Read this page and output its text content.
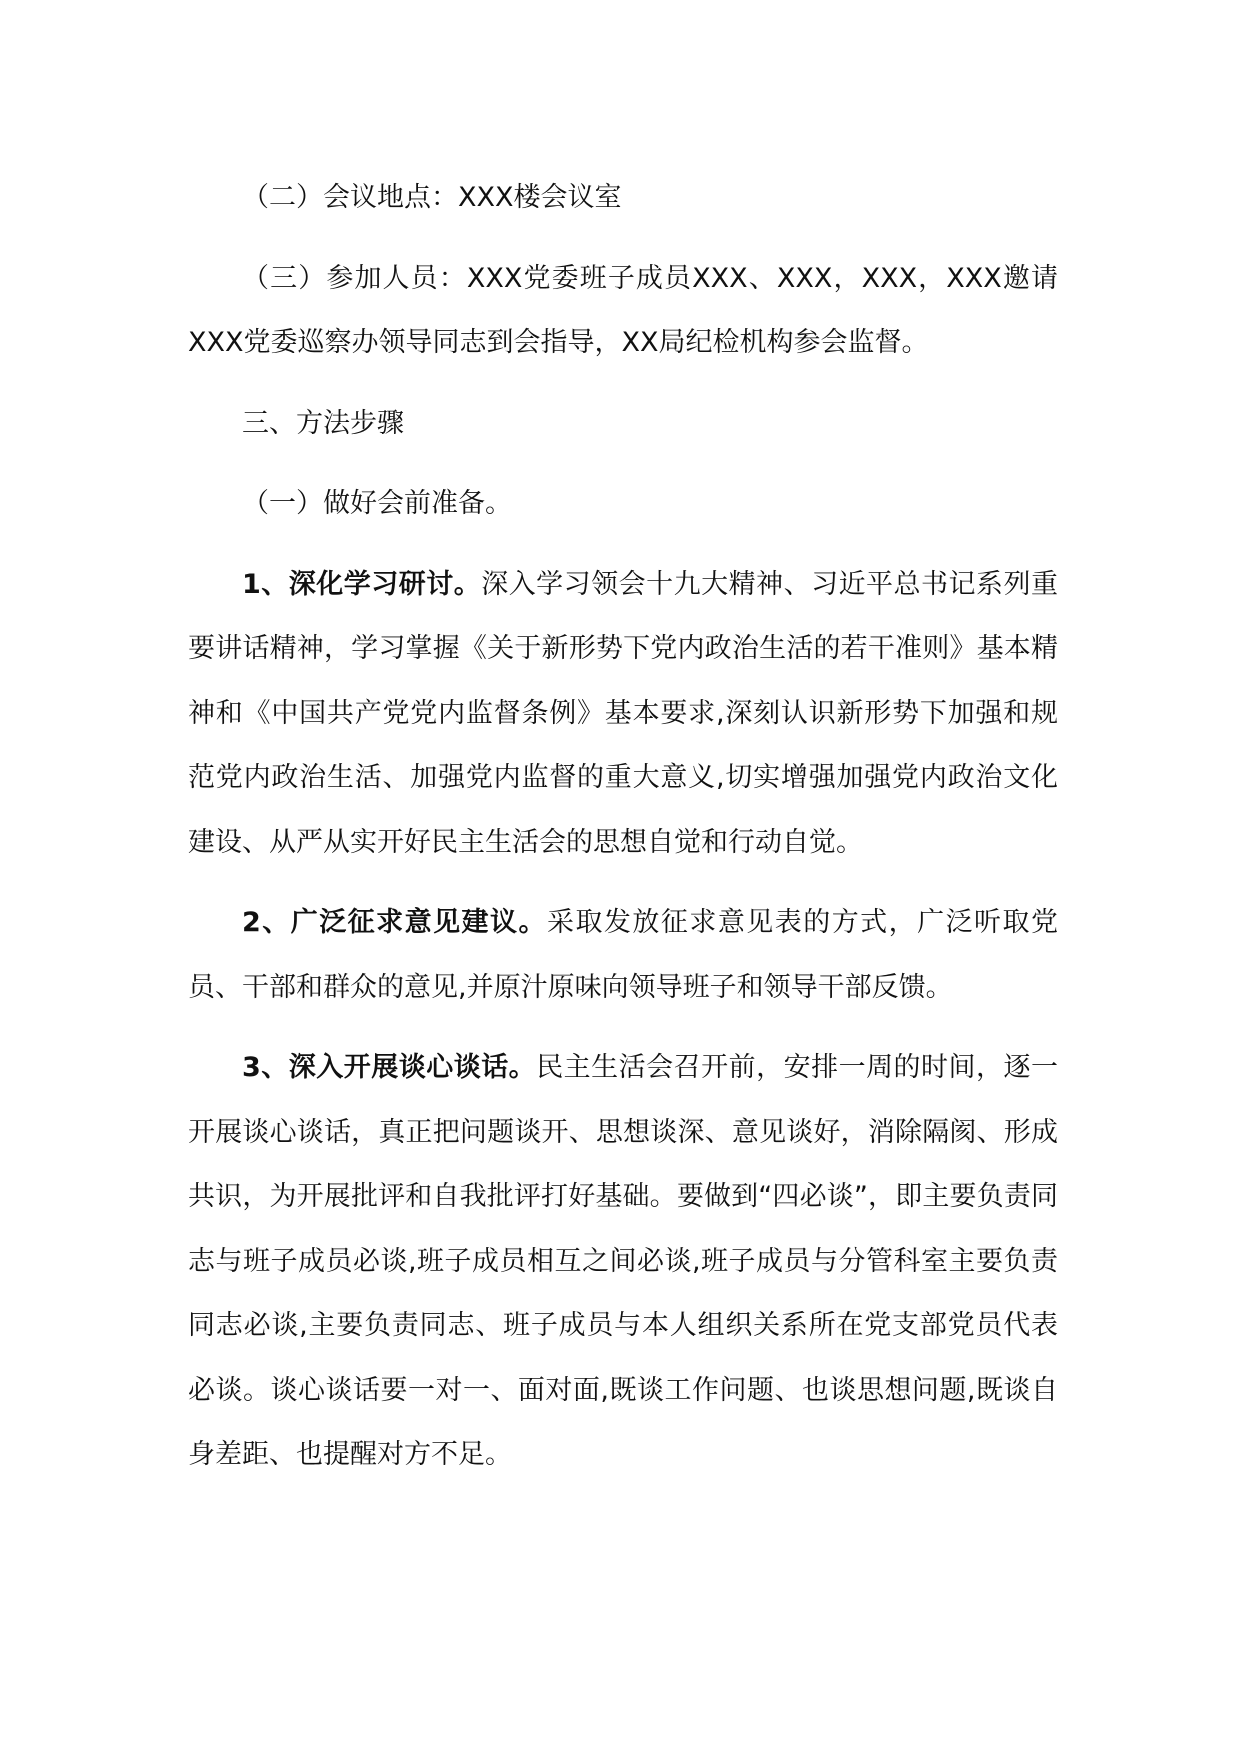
（二）会议地点：XXX楼会议室

（三）参加人员：XXX党委班子成员XXX、XXX，XXX，XXX邀请XXX党委巡察办领导同志到会指导，XX局纪检机构参会监督。

三、方法步骤

（一）做好会前准备。

1、深化学习研讨。深入学习领会十九大精神、习近平总书记系列重要讲话精神，学习掌握《关于新形势下党内政治生活的若干准则》基本精神和《中国共产党党内监督条例》基本要求,深刻认识新形势下加强和规范党内政治生活、加强党内监督的重大意义,切实增强加强党内政治文化建设、从严从实开好民主生活会的思想自觉和行动自觉。

2、广泛征求意见建议。采取发放征求意见表的方式，广泛听取党员、干部和群众的意见,并原汁原味向领导班子和领导干部反馈。

3、深入开展谈心谈话。民主生活会召开前，安排一周的时间，逐一开展谈心谈话，真正把问题谈开、思想谈深、意见谈好，消除隔阂、形成共识，为开展批评和自我批评打好基础。要做到“四必谈”，即主要负责同志与班子成员必谈,班子成员相互之间必谈,班子成员与分管科室主要负责同志必谈,主要负责同志、班子成员与本人组织关系所在党支部党员代表必谈。谈心谈话要一对一、面对面,既谈工作问题、也谈思想问题,既谈自身差距、也提醒对方不足。
